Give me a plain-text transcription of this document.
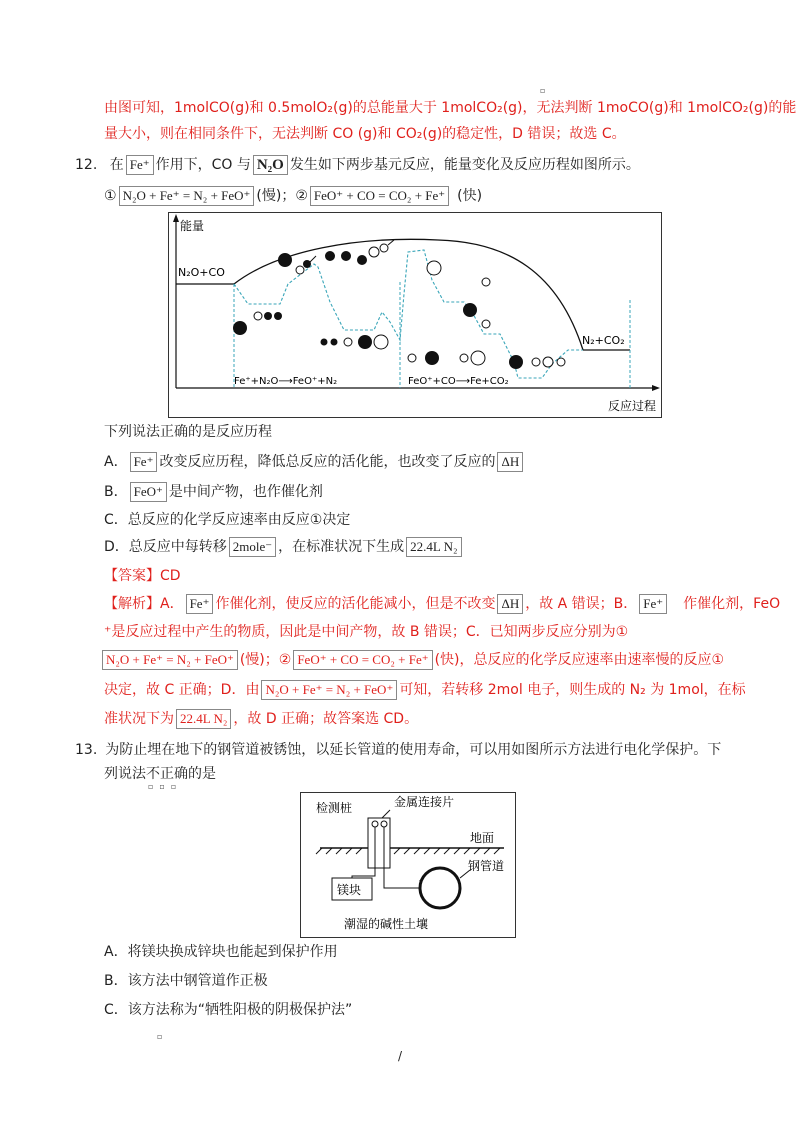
▫
▫
由图可知，1molCO(g)和 0.5molO₂(g)的总能量大于 1molCO₂(g)，无法判断 1moCO(g)和 1molCO₂(g)的能
量大小，则在相同条件下，无法判断 CO (g)和 CO₂(g)的稳定性，D 错误；故选 C。
12. 在 Fe⁺ 作用下，CO 与 N₂O 发生如下两步基元反应，能量变化及反应历程如图所示。
① N₂O + Fe⁺ = N₂ + FeO⁺ (慢)；② FeO⁺ + CO = CO₂ + Fe⁺ (快)
能量
反应过程
N₂O+CO
N₂+CO₂
Fe⁺+N₂O⟶FeO⁺+N₂	FeO⁺+CO⟶Fe+CO₂
下列说法正确的是反应历程
A． Fe⁺ 改变反应历程，降低总反应的活化能，也改变了反应的 ΔH
B． FeO⁺ 是中间产物，也作催化剂
C．总反应的化学反应速率由反应①决定
D．总反应中每转移 2mole⁻ ，在标准状况下生成 22.4L N₂
【答案】CD
【解析】A． Fe⁺ 作催化剂，使反应的活化能减小，但是不改变 ΔH ，故 A 错误；B． Fe⁺ 作催化剂，FeO
⁺是反应过程中产生的物质，因此是中间产物，故 B 错误；C．已知两步反应分别为①
N₂O + Fe⁺ = N₂ + FeO⁺ (慢)；② FeO⁺ + CO = CO₂ + Fe⁺ (快)，总反应的化学反应速率由速率慢的反应①
决定，故 C 正确；D．由 N₂O + Fe⁺ = N₂ + FeO⁺ 可知，若转移 2mol 电子，则生成的 N₂ 为 1mol，在标
准状况下为 22.4L N₂ ，故 D 正确；故答案选 CD。
13. 为防止埋在地下的钢管道被锈蚀，以延长管道的使用寿命，可以用如图所示方法进行电化学保护。下
列说法不正确的是
▫▫▫
检测桩	金属连接片
地面
镁块
钢管道
潮湿的碱性土壤
A．将镁块换成锌块也能起到保护作用
B．该方法中钢管道作正极
C．该方法称为“牺牲阳极的阴极保护法”
/
